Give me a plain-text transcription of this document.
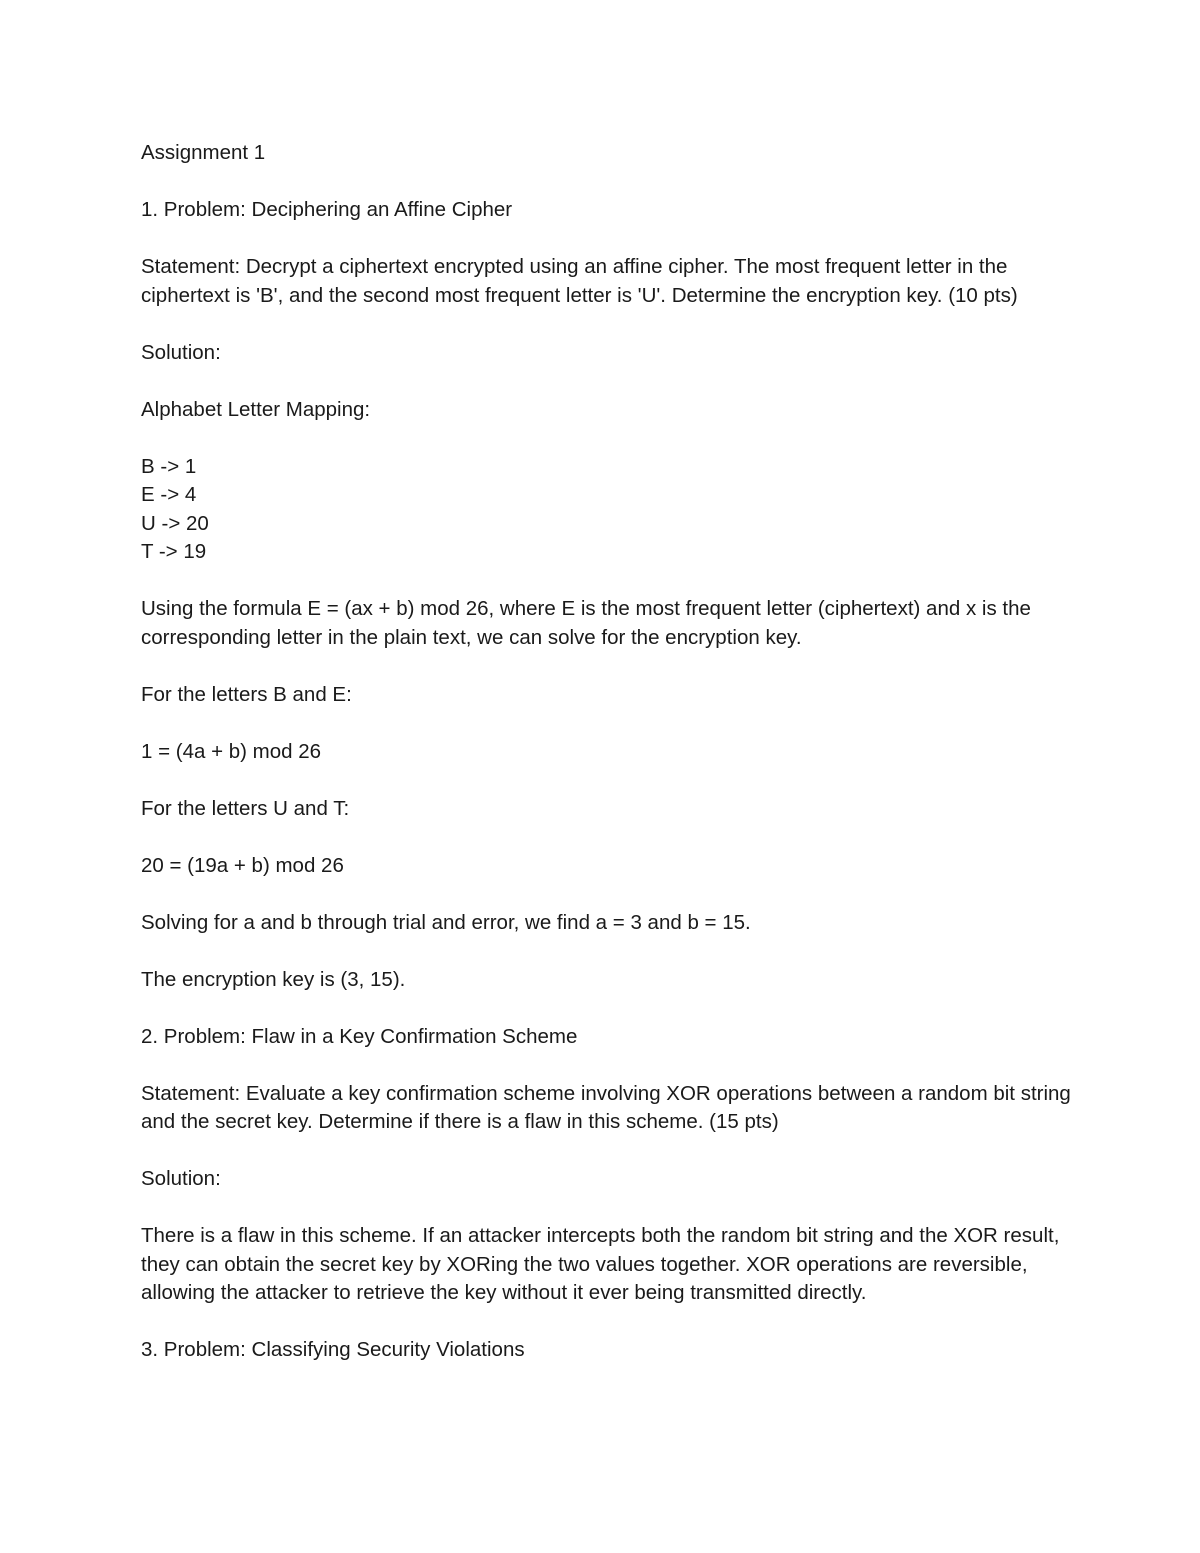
Assignment 1

1. Problem: Deciphering an Affine Cipher

Statement: Decrypt a ciphertext encrypted using an affine cipher. The most frequent letter in the ciphertext is 'B', and the second most frequent letter is 'U'. Determine the encryption key. (10 pts)

Solution:

Alphabet Letter Mapping:

B -> 1
E -> 4
U -> 20
T -> 19

Using the formula E = (ax + b) mod 26, where E is the most frequent letter (ciphertext) and x is the corresponding letter in the plain text, we can solve for the encryption key.

For the letters B and E:

1 = (4a + b) mod 26

For the letters U and T:

20 = (19a + b) mod 26

Solving for a and b through trial and error, we find a = 3 and b = 15.

The encryption key is (3, 15).

2. Problem: Flaw in a Key Confirmation Scheme

Statement: Evaluate a key confirmation scheme involving XOR operations between a random bit string and the secret key. Determine if there is a flaw in this scheme. (15 pts)

Solution:

There is a flaw in this scheme. If an attacker intercepts both the random bit string and the XOR result, they can obtain the secret key by XORing the two values together. XOR operations are reversible, allowing the attacker to retrieve the key without it ever being transmitted directly.

3. Problem: Classifying Security Violations
